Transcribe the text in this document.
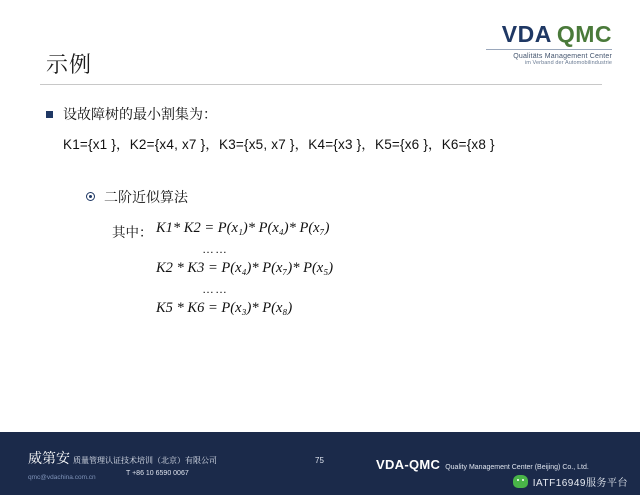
VDA QMC
Qualitäts Management Center
im Verband der Automobilindustrie
示例
设故障树的最小割集为：
K1={x1 }，K2={x4, x7 }，K3={x5, x7 }，K4={x3 }，K5={x6 }，K6={x8 }
二阶近似算法
其中： K1* K2 = P(x₁)* P(x₄)* P(x₇)
……
K2 * K3 = P(x₄)* P(x₇)* P(x₅)
……
K5 * K6 = P(x₃)* P(x₈)
威第安 质量管理认证技术培训（北京）有限公司
qmc@vdachina.com.cn
T +86 10 6590 0067
75	VDA-QMC Quality Management Center (Beijing) Co., Ltd.
IATF16949服务平台
